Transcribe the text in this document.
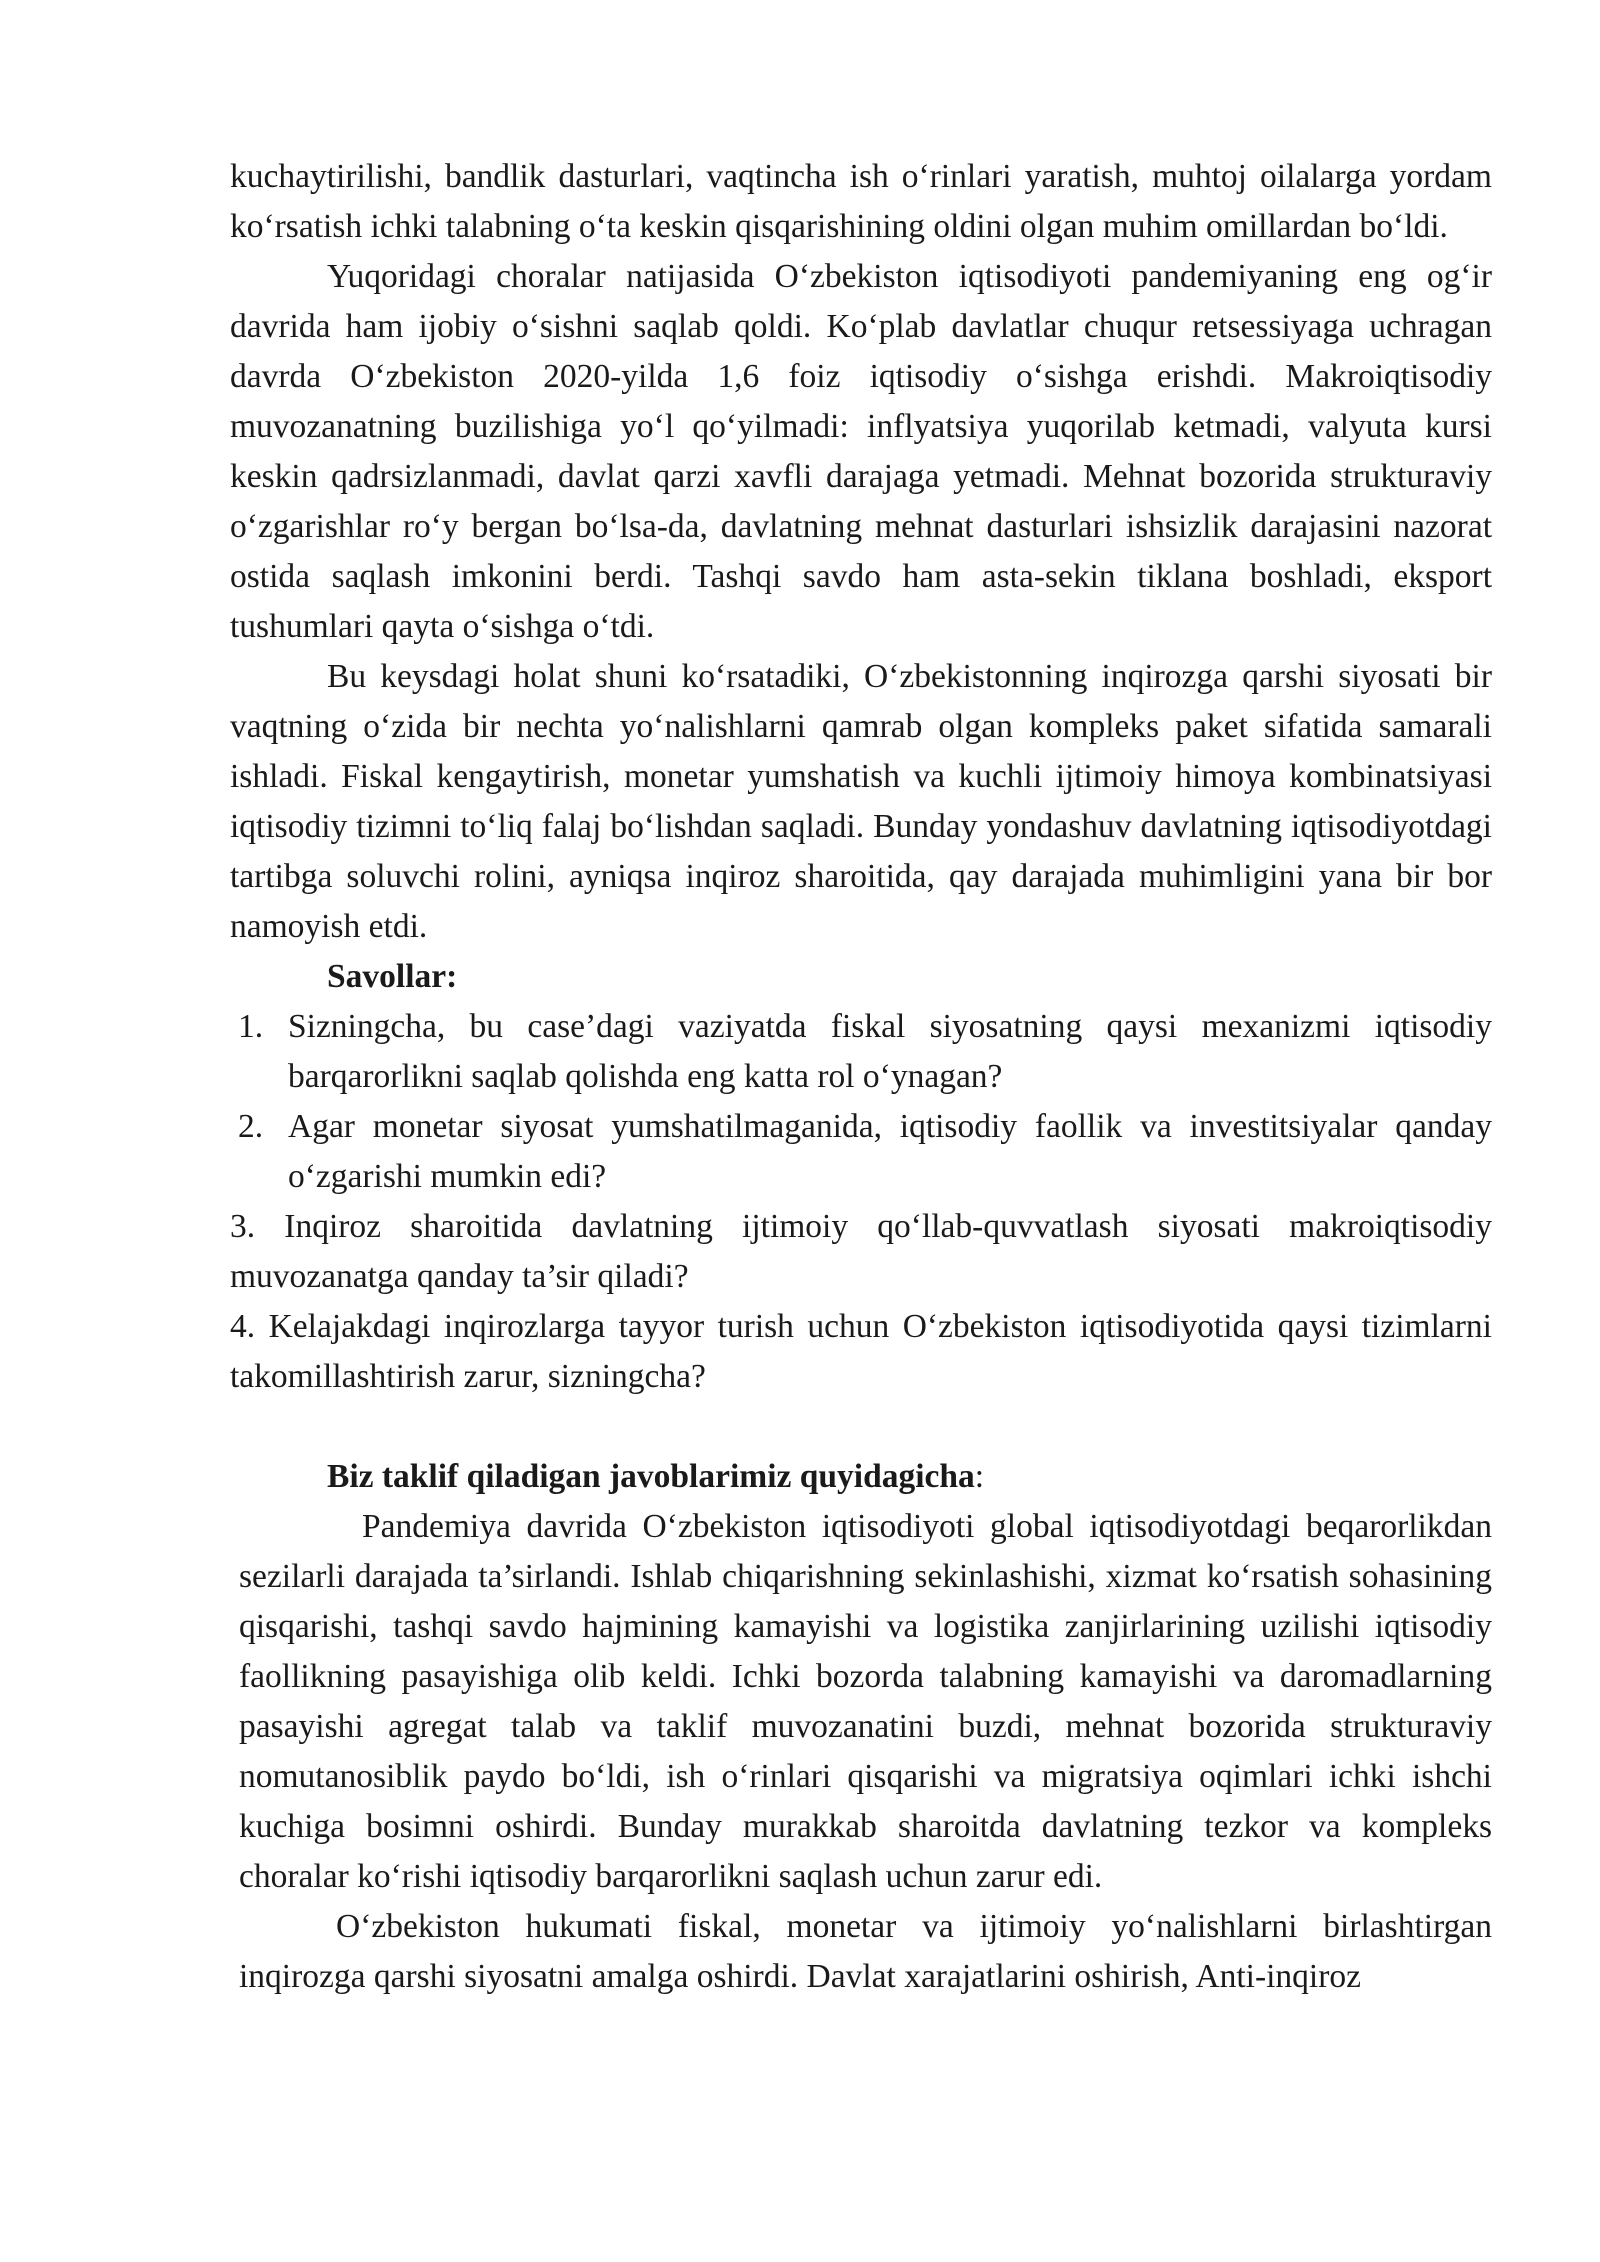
kuchaytirilishi, bandlik dasturlari, vaqtincha ish o‘rinlari yaratish, muhtoj oilalarga yordam ko‘rsatish ichki talabning o‘ta keskin qisqarishining oldini olgan muhim omillardan bo‘ldi.

Yuqoridagi choralar natijasida O‘zbekiston iqtisodiyoti pandemiyaning eng og‘ir davrida ham ijobiy o‘sishni saqlab qoldi. Ko‘plab davlatlar chuqur retsessiyaga uchragan davrda O‘zbekiston 2020-yilda 1,6 foiz iqtisodiy o‘sishga erishdi. Makroiqtisodiy muvozanatning buzilishiga yo‘l qo‘yilmadi: inflyatsiya yuqorilab ketmadi, valyuta kursi keskin qadrsizlanmadi, davlat qarzi xavfli darajaga yetmadi. Mehnat bozorida strukturaviy o‘zgarishlar ro‘y bergan bo‘lsa-da, davlatning mehnat dasturlari ishsizlik darajasini nazorat ostida saqlash imkonini berdi. Tashqi savdo ham asta-sekin tiklana boshladi, eksport tushumlari qayta o‘sishga o‘tdi.

Bu keysdagi holat shuni ko‘rsatadiki, O‘zbekistonning inqirozga qarshi siyosati bir vaqtning o‘zida bir nechta yo‘nalishlarni qamrab olgan kompleks paket sifatida samarali ishladi. Fiskal kengaytirish, monetar yumshatish va kuchli ijtimoiy himoya kombinatsiyasi iqtisodiy tizimni to‘liq falaj bo‘lishdan saqladi. Bunday yondashuv davlatning iqtisodiyotdagi tartibga soluvchi rolini, ayniqsa inqiroz sharoitida, qay darajada muhimligini yana bir bor namoyish etdi.

Savollar:

1. Sizningcha, bu case’dagi vaziyatda fiskal siyosatning qaysi mexanizmi iqtisodiy barqarorlikni saqlab qolishda eng katta rol o‘ynagan?
2. Agar monetar siyosat yumshatilmaganida, iqtisodiy faollik va investitsiyalar qanday o‘zgarishi mumkin edi?
3. Inqiroz sharoitida davlatning ijtimoiy qo‘llab-quvvatlash siyosati makroiqtisodiy muvozanatga qanday ta’sir qiladi?
4. Kelajakdagi inqirozlarga tayyor turish uchun O‘zbekiston iqtisodiyotida qaysi tizimlarni takomillashtirish zarur, sizningcha?

Biz taklif qiladigan javoblarimiz quyidagicha:

Pandemiya davrida O‘zbekiston iqtisodiyoti global iqtisodiyotdagi beqarorlikdan sezilarli darajada ta’sirlandi. Ishlab chiqarishning sekinlashishi, xizmat ko‘rsatish sohasining qisqarishi, tashqi savdo hajmining kamayishi va logistika zanjirlarining uzilishi iqtisodiy faollikning pasayishiga olib keldi. Ichki bozorda talabning kamayishi va daromadlarning pasayishi agregat talab va taklif muvozanatini buzdi, mehnat bozorida strukturaviy nomutanosiblik paydo bo‘ldi, ish o‘rinlari qisqarishi va migratsiya oqimlari ichki ishchi kuchiga bosimni oshirdi. Bunday murakkab sharoitda davlatning tezkor va kompleks choralar ko‘rishi iqtisodiy barqarorlikni saqlash uchun zarur edi.

O‘zbekiston hukumati fiskal, monetar va ijtimoiy yo‘nalishlarni birlashtirgan inqirozga qarshi siyosatni amalga oshirdi. Davlat xarajatlarini oshirish, Anti-inqiroz
